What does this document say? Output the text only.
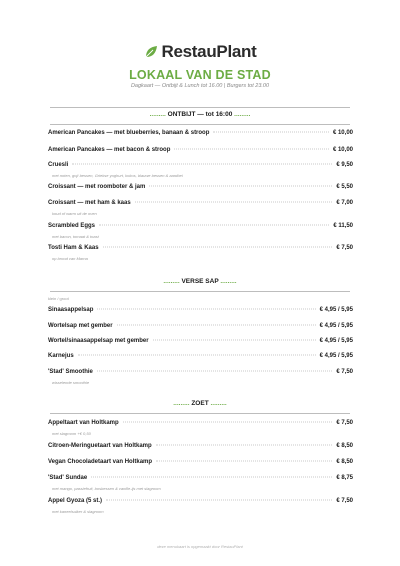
RestauPlant
LOKAAL VAN DE STAD
Dagkaart — Ontbijt & Lunch tot 16.00 | Burgers tot 23.00
......... ONTBIJT — tot 16:00 .........
American Pancakes — met blueberries, banaan & stroop	€ 10,00
American Pancakes — met bacon & stroop	€ 10,00
Cruesli	€ 9,50
met noten, gojí bessen, Griekse yoghurt, kokos, blauwe bessen & aardbei
Croissant — met roomboter & jam	€ 5,50
Croissant — met ham & kaas	€ 7,00
koud of warm uit de oven
Scrambled Eggs	€ 11,50
met bacon, tomaat & toast
Tosti Ham & Kaas	€ 7,50
op brood van Marna
......... VERSE SAP .........
klein / groot
Sinaasappelsap	€ 4,95 / 5,95
Wortelsap met gember	€ 4,95 / 5,95
Wortel/sinaasappelsap met gember	€ 4,95 / 5,95
Karnejus	€ 4,95 / 5,95
'Stad' Smoothie	€ 7,50
wisselende smoothie
......... ZOET .........
Appeltaart van Holtkamp	€ 7,50
met slagroom +€ 0,50
Citroen-Meringuetaart van Holtkamp	€ 8,50
Vegan Chocoladetaart van Holtkamp	€ 8,50
'Stad' Sundae	€ 8,75
met mango, passiefruit, bosbessen & vanille-ijs met slagroom
Appel Gyoza (5 st.)	€ 7,50
met kaneelsuiker & slagroom
deze menukaart is opgemaakt door RestauPlant
